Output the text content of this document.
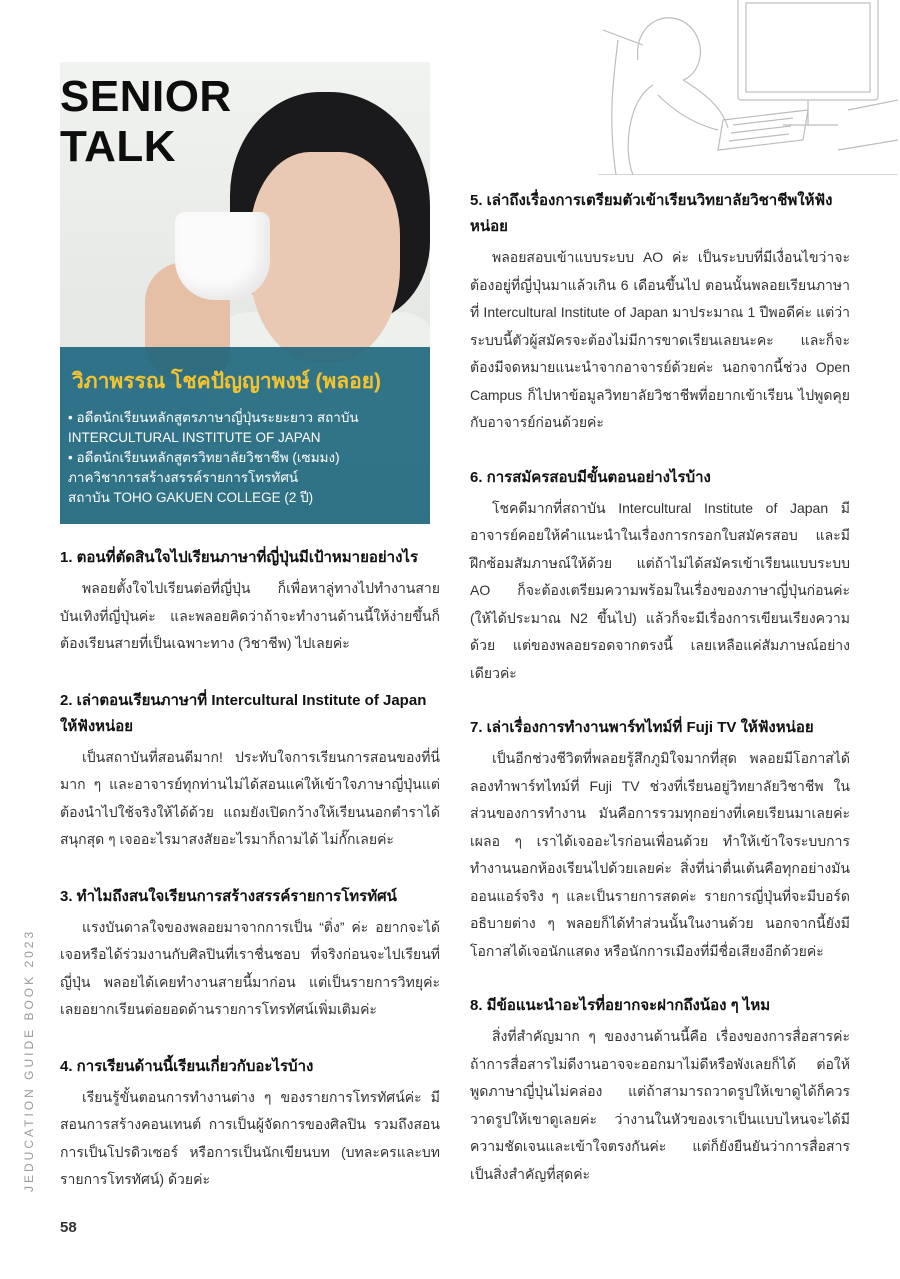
SENIOR
TALK
วิภาพรรณ โชคปัญญาพงษ์ (พลอย)
• อดีตนักเรียนหลักสูตรภาษาญี่ปุ่นระยะยาว สถาบัน
INTERCULTURAL INSTITUTE OF JAPAN
• อดีตนักเรียนหลักสูตรวิทยาลัยวิชาชีพ (เซมมง)
ภาควิชาการสร้างสรรค์รายการโทรทัศน์
สถาบัน TOHO GAKUEN COLLEGE (2 ปี)

1. ตอนที่ตัดสินใจไปเรียนภาษาที่ญี่ปุ่นมีเป้าหมายอย่างไร

พลอยตั้งใจไปเรียนต่อที่ญี่ปุ่น ก็เพื่อหาลู่ทางไปทำงานสายบันเทิงที่ญี่ปุ่นค่ะ และพลอยคิดว่าถ้าจะทำงานด้านนี้ให้ง่ายขึ้นก็ต้องเรียนสายที่เป็นเฉพาะทาง (วิชาชีพ) ไปเลยค่ะ

2. เล่าตอนเรียนภาษาที่ Intercultural Institute of Japan ให้ฟังหน่อย

เป็นสถาบันที่สอนดีมาก! ประทับใจการเรียนการสอนของที่นี่มาก ๆ และอาจารย์ทุกท่านไม่ได้สอนแค่ให้เข้าใจภาษาญี่ปุ่นแต่ต้องนำไปใช้จริงให้ได้ด้วย แถมยังเปิดกว้างให้เรียนนอกตำราได้ สนุกสุด ๆ เจออะไรมาสงสัยอะไรมาก็ถามได้ ไม่กั๊กเลยค่ะ

3. ทำไมถึงสนใจเรียนการสร้างสรรค์รายการโทรทัศน์

แรงบันดาลใจของพลอยมาจากการเป็น “ติ่ง” ค่ะ อยากจะได้เจอหรือได้ร่วมงานกับศิลปินที่เราชื่นชอบ ที่จริงก่อนจะไปเรียนที่ญี่ปุ่น พลอยได้เคยทำงานสายนี้มาก่อน แต่เป็นรายการวิทยุค่ะ เลยอยากเรียนต่อยอดด้านรายการโทรทัศน์เพิ่มเติมค่ะ

4. การเรียนด้านนี้เรียนเกี่ยวกับอะไรบ้าง

เรียนรู้ขั้นตอนการทำงานต่าง ๆ ของรายการโทรทัศน์ค่ะ มีสอนการสร้างคอนเทนต์ การเป็นผู้จัดการของศิลปิน รวมถึงสอนการเป็นโปรดิวเซอร์ หรือการเป็นนักเขียนบท (บทละครและบทรายการโทรทัศน์) ด้วยค่ะ

5. เล่าถึงเรื่องการเตรียมตัวเข้าเรียนวิทยาลัยวิชาชีพให้ฟังหน่อย

พลอยสอบเข้าแบบระบบ AO ค่ะ เป็นระบบที่มีเงื่อนไขว่าจะต้องอยู่ที่ญี่ปุ่นมาแล้วเกิน 6 เดือนขึ้นไป ตอนนั้นพลอยเรียนภาษาที่ Intercultural Institute of Japan มาประมาณ 1 ปีพอดีค่ะ แต่ว่าระบบนี้ตัวผู้สมัครจะต้องไม่มีการขาดเรียนเลยนะคะ และก็จะต้องมีจดหมายแนะนำจากอาจารย์ด้วยค่ะ นอกจากนี้ช่วง Open Campus ก็ไปหาข้อมูลวิทยาลัยวิชาชีพที่อยากเข้าเรียน ไปพูดคุยกับอาจารย์ก่อนด้วยค่ะ

6. การสมัครสอบมีขั้นตอนอย่างไรบ้าง

โชคดีมากที่สถาบัน Intercultural Institute of Japan มีอาจารย์คอยให้คำแนะนำในเรื่องการกรอกใบสมัครสอบ และมีฝึกซ้อมสัมภาษณ์ให้ด้วย แต่ถ้าไม่ได้สมัครเข้าเรียนแบบระบบ AO ก็จะต้องเตรียมความพร้อมในเรื่องของภาษาญี่ปุ่นก่อนค่ะ (ให้ได้ประมาณ N2 ขึ้นไป) แล้วก็จะมีเรื่องการเขียนเรียงความด้วย แต่ของพลอยรอดจากตรงนี้ เลยเหลือแค่สัมภาษณ์อย่างเดียวค่ะ

7. เล่าเรื่องการทำงานพาร์ทไทม์ที่ Fuji TV ให้ฟังหน่อย

เป็นอีกช่วงชีวิตที่พลอยรู้สึกภูมิใจมากที่สุด พลอยมีโอกาสได้ลองทำพาร์ทไทม์ที่ Fuji TV ช่วงที่เรียนอยู่วิทยาลัยวิชาชีพ ในส่วนของการทำงาน มันคือการรวมทุกอย่างที่เคยเรียนมาเลยค่ะ เผลอ ๆ เราได้เจออะไรก่อนเพื่อนด้วย ทำให้เข้าใจระบบการทำงานนอกห้องเรียนไปด้วยเลยค่ะ สิ่งที่น่าตื่นเต้นคือทุกอย่างมันออนแอร์จริง ๆ และเป็นรายการสดค่ะ รายการญี่ปุ่นที่จะมีบอร์ดอธิบายต่าง ๆ พลอยก็ได้ทำส่วนนั้นในงานด้วย นอกจากนี้ยังมีโอกาสได้เจอนักแสดง หรือนักการเมืองที่มีชื่อเสียงอีกด้วยค่ะ

8. มีข้อแนะนำอะไรที่อยากจะฝากถึงน้อง ๆ ไหม

สิ่งที่สำคัญมาก ๆ ของงานด้านนี้คือ เรื่องของการสื่อสารค่ะ ถ้าการสื่อสารไม่ดีงานอาจจะออกมาไม่ดีหรือพังเลยก็ได้ ต่อให้พูดภาษาญี่ปุ่นไม่คล่อง แต่ถ้าสามารถวาดรูปให้เขาดูได้ก็ควรวาดรูปให้เขาดูเลยค่ะ ว่างานในหัวของเราเป็นแบบไหนจะได้มีความชัดเจนและเข้าใจตรงกันค่ะ แต่ก็ยังยืนยันว่าการสื่อสารเป็นสิ่งสำคัญที่สุดค่ะ

JEDUCATION GUIDE BOOK 2023
58
